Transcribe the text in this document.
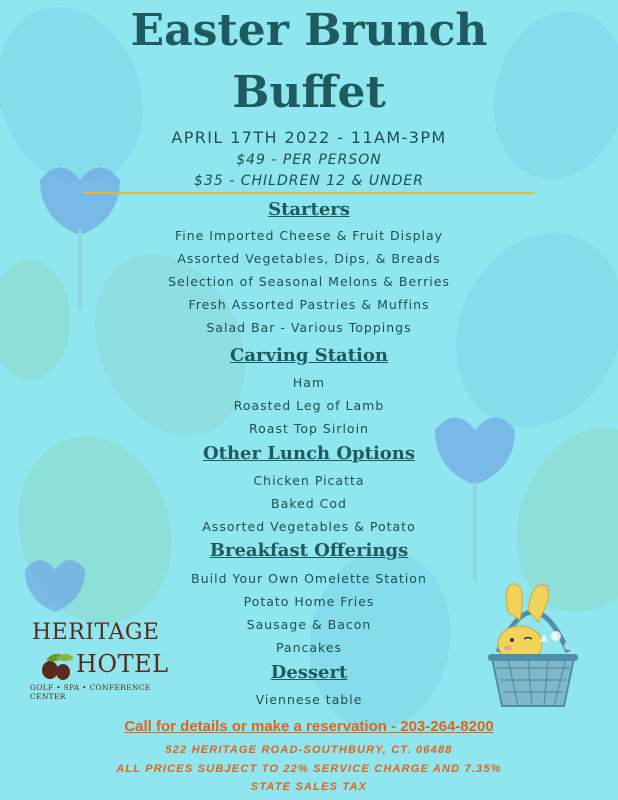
Easter Brunch
Buffet
APRIL 17TH 2022 - 11AM-3PM
$49 - PER PERSON
$35 - CHILDREN 12 & UNDER
Starters
Fine Imported Cheese & Fruit Display
Assorted Vegetables, Dips, & Breads
Selection of Seasonal Melons & Berries
Fresh Assorted Pastries & Muffins
Salad Bar - Various Toppings
Carving Station
Ham
Roasted Leg of Lamb
Roast Top Sirloin
Other Lunch Options
Chicken Picatta
Baked Cod
Assorted Vegetables & Potato
Breakfast Offerings
Build Your Own Omelette Station
Potato Home Fries
Sausage & Bacon
Pancakes
Dessert
Viennese table
Call for details or make a reservation - 203-264-8200
522 HERITAGE ROAD-SOUTHBURY, CT. 06488
ALL PRICES SUBJECT TO 22% SERVICE CHARGE AND 7.35%
STATE SALES TAX
HERITAGE
HOTEL
GOLF • SPA • CONFERENCE CENTER
